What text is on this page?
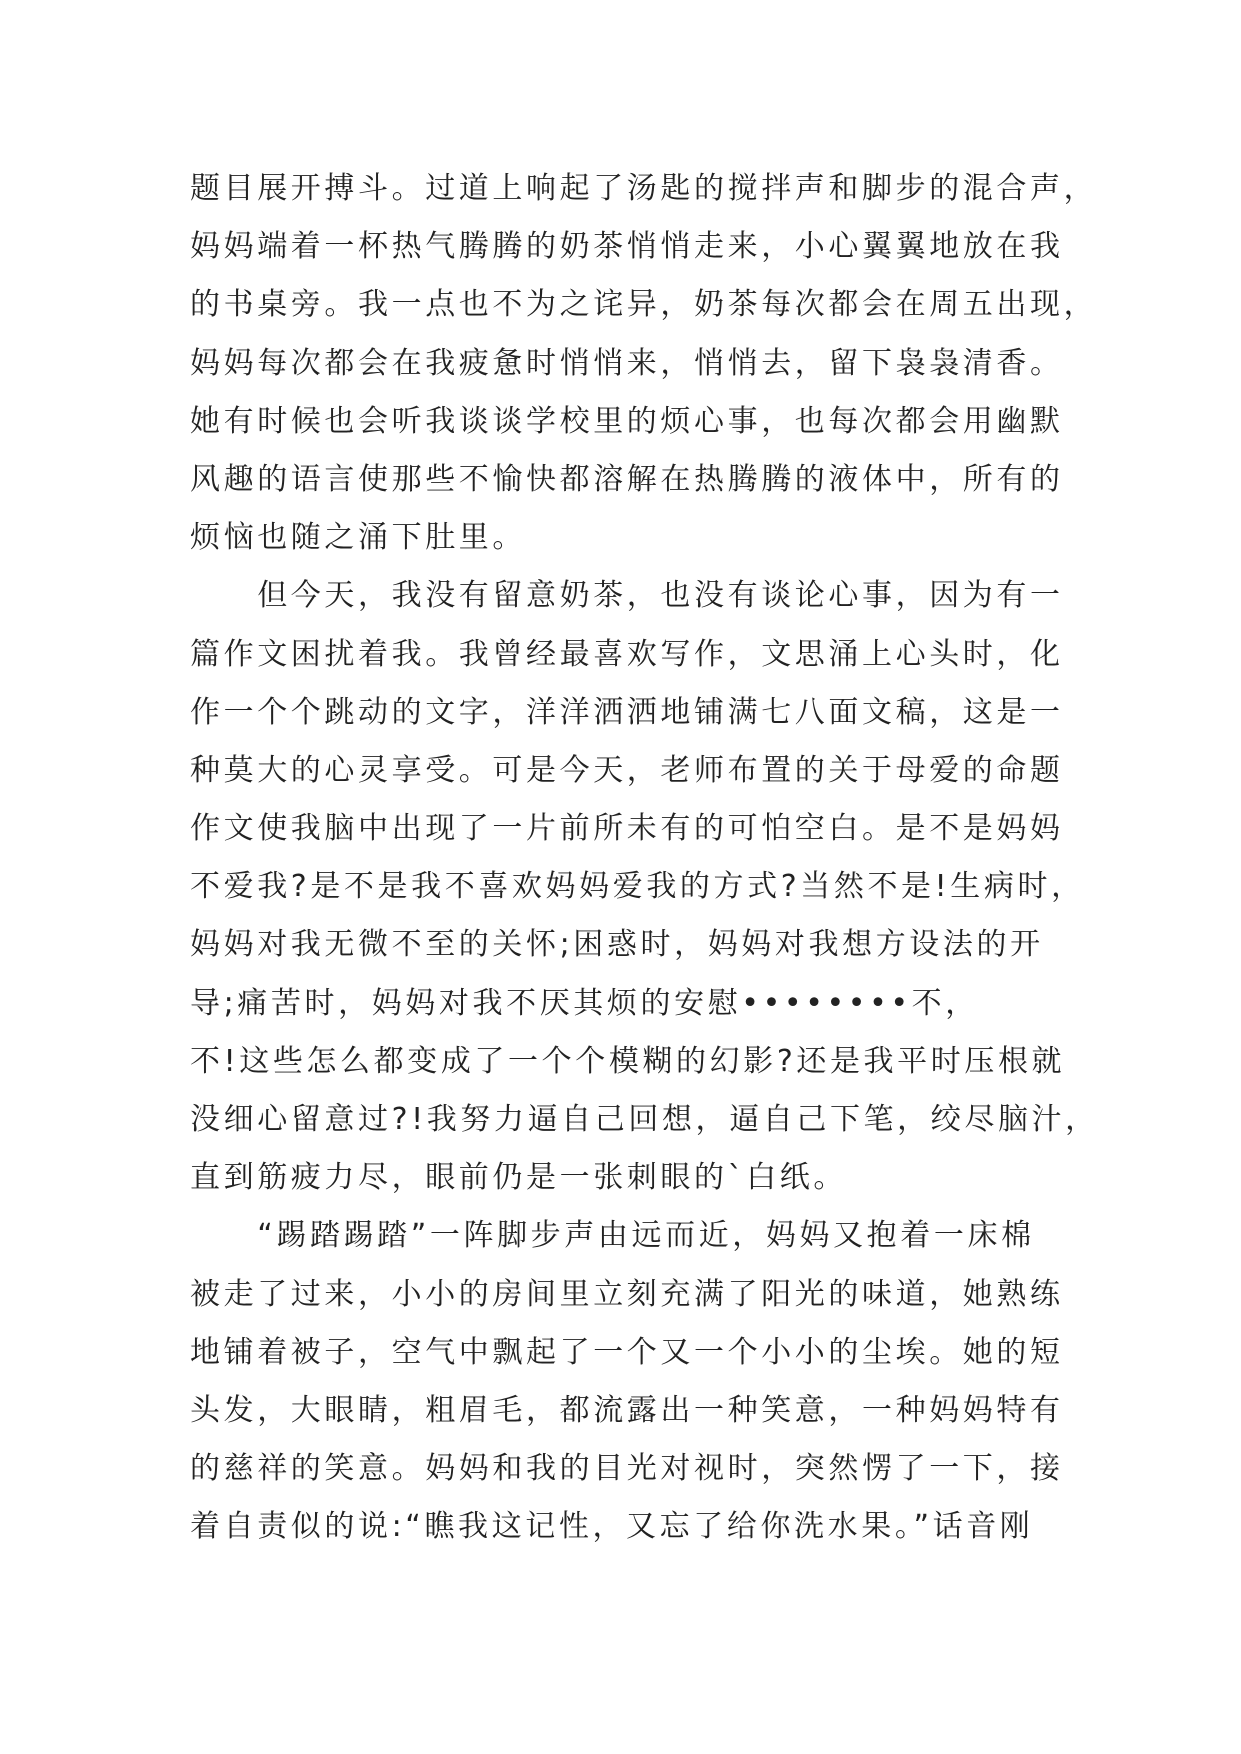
题目展开搏斗。过道上响起了汤匙的搅拌声和脚步的混合声，
妈妈端着一杯热气腾腾的奶茶悄悄走来，小心翼翼地放在我
的书桌旁。我一点也不为之诧异，奶茶每次都会在周五出现，
妈妈每次都会在我疲惫时悄悄来，悄悄去，留下袅袅清香。
她有时候也会听我谈谈学校里的烦心事，也每次都会用幽默
风趣的语言使那些不愉快都溶解在热腾腾的液体中，所有的
烦恼也随之涌下肚里。
　　但今天，我没有留意奶茶，也没有谈论心事，因为有一
篇作文困扰着我。我曾经最喜欢写作，文思涌上心头时，化
作一个个跳动的文字，洋洋洒洒地铺满七八面文稿，这是一
种莫大的心灵享受。可是今天，老师布置的关于母爱的命题
作文使我脑中出现了一片前所未有的可怕空白。是不是妈妈
不爱我?是不是我不喜欢妈妈爱我的方式?当然不是!生病时，
妈妈对我无微不至的关怀;困惑时，妈妈对我想方设法的开
导;痛苦时，妈妈对我不厌其烦的安慰••••••••不，
不!这些怎么都变成了一个个模糊的幻影?还是我平时压根就
没细心留意过?!我努力逼自己回想，逼自己下笔，绞尽脑汁，
直到筋疲力尽，眼前仍是一张刺眼的`白纸。
　　“踢踏踢踏”一阵脚步声由远而近，妈妈又抱着一床棉
被走了过来，小小的房间里立刻充满了阳光的味道，她熟练
地铺着被子，空气中飘起了一个又一个小小的尘埃。她的短
头发，大眼睛，粗眉毛，都流露出一种笑意，一种妈妈特有
的慈祥的笑意。妈妈和我的目光对视时，突然愣了一下，接
着自责似的说:“瞧我这记性，又忘了给你洗水果。”话音刚
